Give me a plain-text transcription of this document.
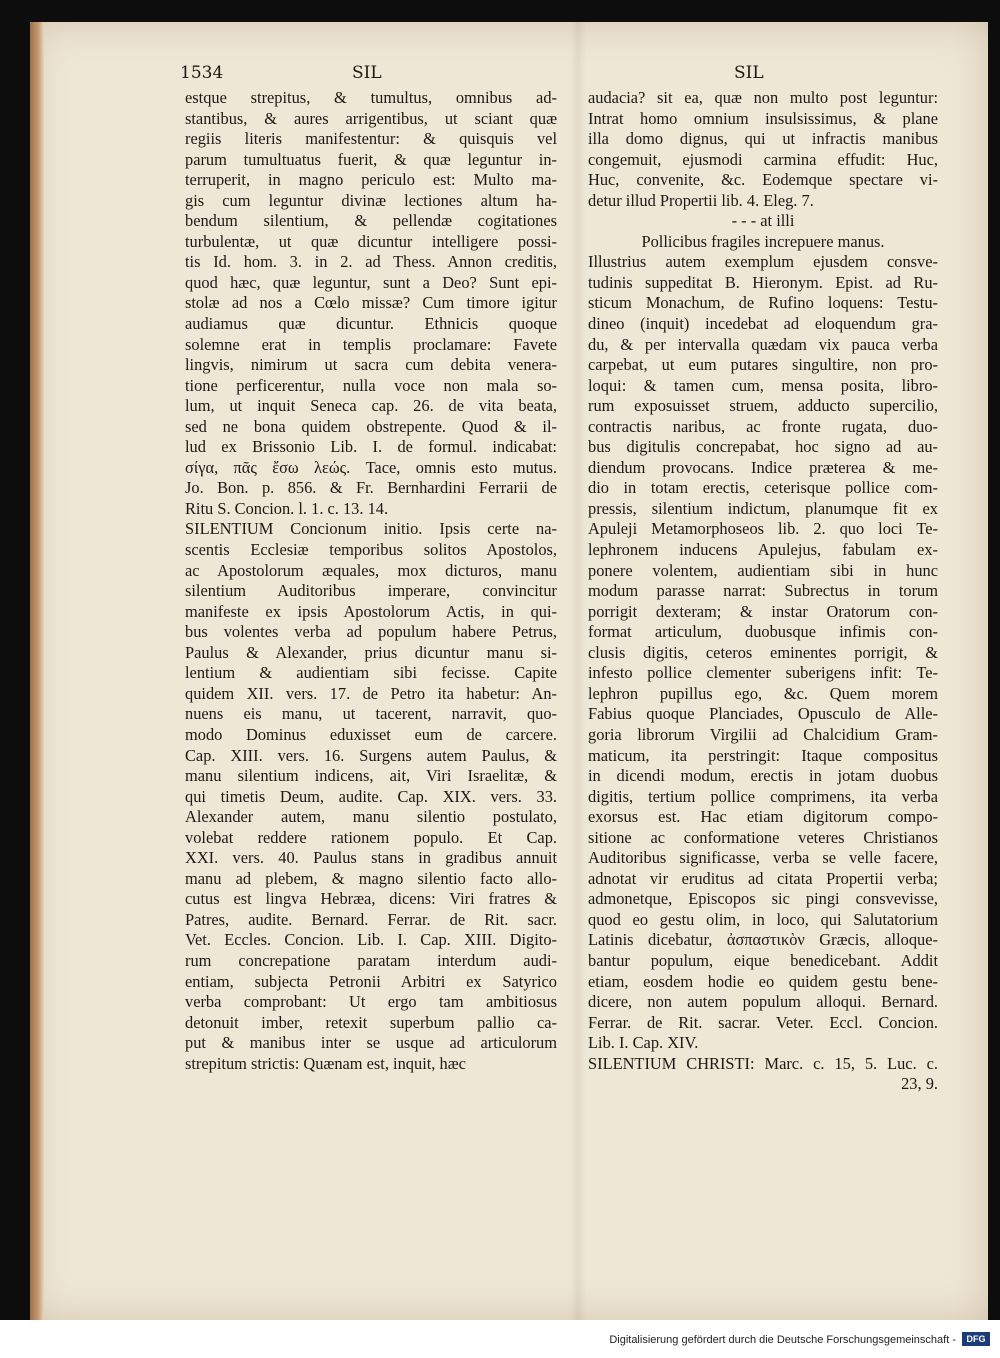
1534	SIL	SIL
estque strepitus, & tumultus, omnibus ad-
stantibus, & aures arrigentibus, ut sciant quæ
regiis literis manifestentur: & quisquis vel
parum tumultuatus fuerit, & quæ leguntur in-
terruperit, in magno periculo est: Multo ma-
gis cum leguntur divinæ lectiones altum ha-
bendum silentium, & pellendæ cogitationes
turbulentæ, ut quæ dicuntur intelligere possi-
tis Id. hom. 3. in 2. ad Thess. Annon creditis,
quod hæc, quæ leguntur, sunt a Deo? Sunt epi-
stolæ ad nos a Cœlo missæ? Cum timore igitur
audiamus quæ dicuntur. Ethnicis quoque
solemne erat in templis proclamare: Favete
lingvis, nimirum ut sacra cum debita venera-
tione perficerentur, nulla voce non mala so-
lum, ut inquit Seneca cap. 26. de vita beata,
sed ne bona quidem obstrepente. Quod & il-
lud ex Brissonio Lib. I. de formul. indicabat:
σίγα, πᾶς ἔσω λεώς. Tace, omnis esto mutus.
Jo. Bon. p. 856. & Fr. Bernhardini Ferrarii de
Ritu S. Concion. l. 1. c. 13. 14.
SILENTIUM Concionum initio. Ipsis certe na-
scentis Ecclesiæ temporibus solitos Apostolos,
ac Apostolorum æquales, mox dicturos, manu
silentium Auditoribus imperare, convincitur
manifeste ex ipsis Apostolorum Actis, in qui-
bus volentes verba ad populum habere Petrus,
Paulus & Alexander, prius dicuntur manu si-
lentium & audientiam sibi fecisse. Capite
quidem XII. vers. 17. de Petro ita habetur: An-
nuens eis manu, ut tacerent, narravit, quo-
modo Dominus eduxisset eum de carcere.
Cap. XIII. vers. 16. Surgens autem Paulus, &
manu silentium indicens, ait, Viri Israelitæ, &
qui timetis Deum, audite. Cap. XIX. vers. 33.
Alexander autem, manu silentio postulato,
volebat reddere rationem populo. Et Cap.
XXI. vers. 40. Paulus stans in gradibus annuit
manu ad plebem, & magno silentio facto allo-
cutus est lingva Hebræa, dicens: Viri fratres &
Patres, audite. Bernard. Ferrar. de Rit. sacr.
Vet. Eccles. Concion. Lib. I. Cap. XIII. Digito-
rum concrepatione paratam interdum audi-
entiam, subjecta Petronii Arbitri ex Satyrico
verba comprobant: Ut ergo tam ambitiosus
detonuit imber, retexit superbum pallio ca-
put & manibus inter se usque ad articulorum
strepitum strictis: Quænam est, inquit, hæc
audacia? sit ea, quæ non multo post leguntur:
Intrat homo omnium insulsissimus, & plane
illa domo dignus, qui ut infractis manibus
congemuit, ejusmodi carmina effudit: Huc,
Huc, convenite, &c. Eodemque spectare vi-
detur illud Propertii lib. 4. Eleg. 7.
- - - at illi
Pollicibus fragiles increpuere manus.
Illustrius autem exemplum ejusdem consve-
tudinis suppeditat B. Hieronym. Epist. ad Ru-
sticum Monachum, de Rufino loquens: Testu-
dineo (inquit) incedebat ad eloquendum gra-
du, & per intervalla quædam vix pauca verba
carpebat, ut eum putares singultire, non pro-
loqui: & tamen cum, mensa posita, libro-
rum exposuisset struem, adducto supercilio,
contractis naribus, ac fronte rugata, duo-
bus digitulis concrepabat, hoc signo ad au-
diendum provocans. Indice præterea & me-
dio in totam erectis, ceterisque pollice com-
pressis, silentium indictum, planumque fit ex
Apuleji Metamorphoseos lib. 2. quo loci Te-
lephronem inducens Apulejus, fabulam ex-
ponere volentem, audientiam sibi in hunc
modum parasse narrat: Subrectus in torum
porrigit dexteram; & instar Oratorum con-
format articulum, duobusque infimis con-
clusis digitis, ceteros eminentes porrigit, &
infesto pollice clementer suberigens infit: Te-
lephron pupillus ego, &c. Quem morem
Fabius quoque Planciades, Opusculo de Alle-
goria librorum Virgilii ad Chalcidium Gram-
maticum, ita perstringit: Itaque compositus
in dicendi modum, erectis in jotam duobus
digitis, tertium pollice comprimens, ita verba
exorsus est. Hac etiam digitorum compo-
sitione ac conformatione veteres Christianos
Auditoribus significasse, verba se velle facere,
adnotat vir eruditus ad citata Propertii verba;
admonetque, Episcopos sic pingi consvevisse,
quod eo gestu olim, in loco, qui Salutatorium
Latinis dicebatur, ἀσπαστικὸν Græcis, alloque-
bantur populum, eique benedicebant. Addit
etiam, eosdem hodie eo quidem gestu bene-
dicere, non autem populum alloqui. Bernard.
Ferrar. de Rit. sacrar. Veter. Eccl. Concion.
Lib. I. Cap. XIV.
SILENTIUM CHRISTI: Marc. c. 15, 5. Luc. c.
23, 9.
Digitalisierung gefördert durch die Deutsche Forschungsgemeinschaft -	DFG
